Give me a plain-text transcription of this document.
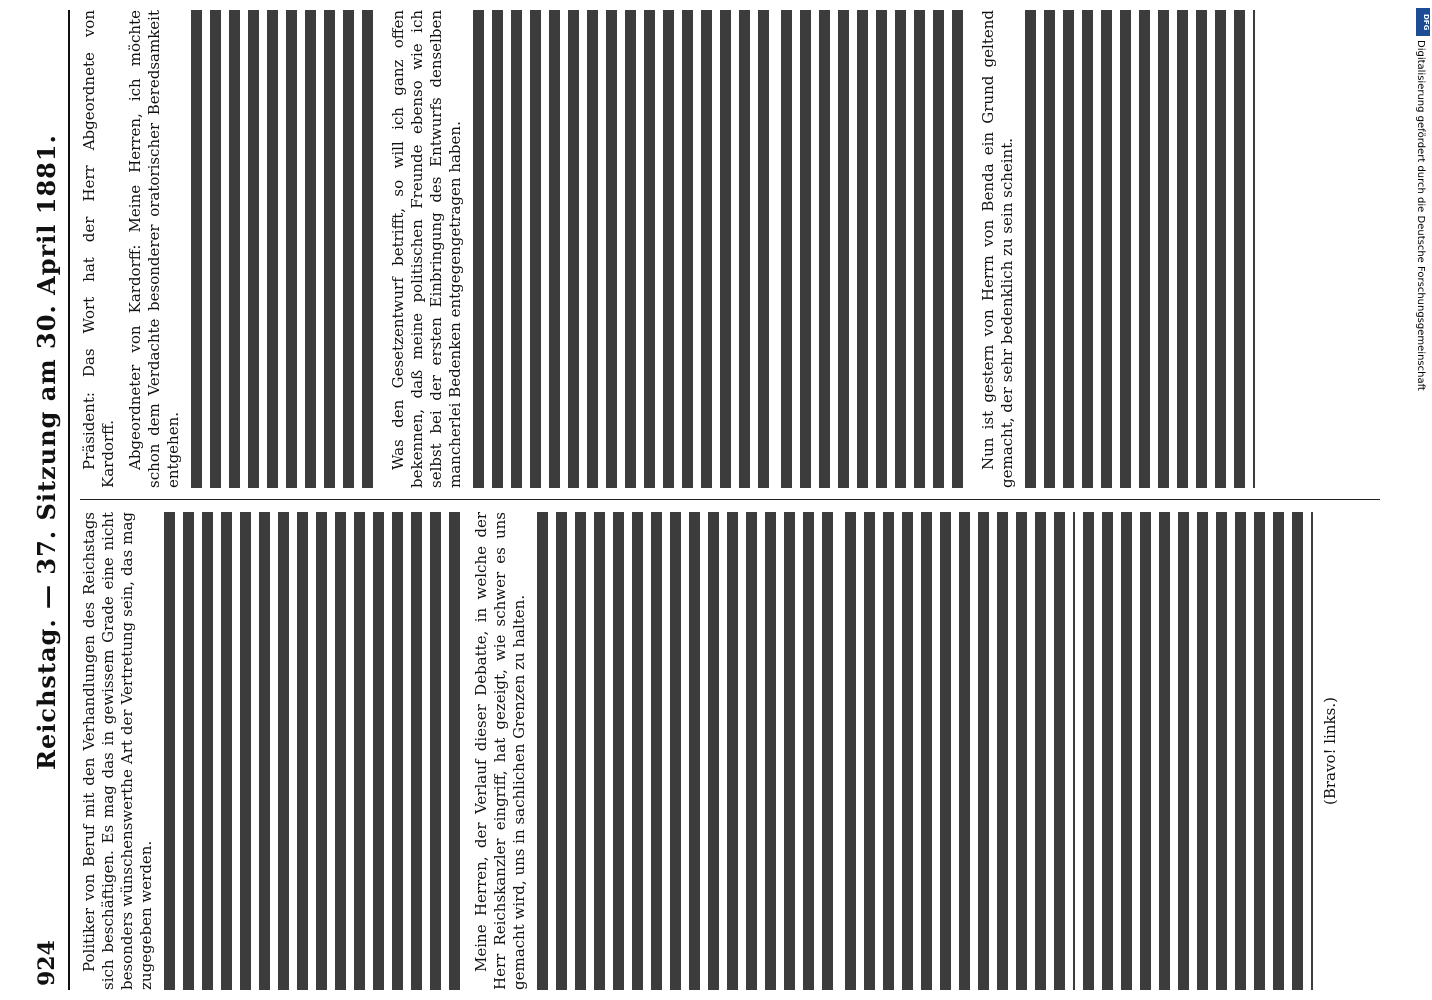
924
Reichstag. — 37. Sitzung am 30. April 1881. Politiker von Beruf mit den Verhandlungen des Reichstags sich beschäftigen. Es mag das in gewissem Grade eine nicht besonders wünschenswerthe Art der Vertretung sein, das mag zugegeben werden.	Meine Herren, der Verlauf dieser Debatte, in welche der Herr Reichskanzler eingriff, hat gezeigt, wie schwer es uns gemacht wird, uns in sachlichen Grenzen zu halten.	(Bravo! links.)

Präsident: Das Wort hat der Herr Abgeordnete von Kardorff. Abgeordneter von Kardorff: Meine Herren, ich möchte schon dem Verdachte besonderer oratorischer Beredsamkeit entgehen.	Was den Gesetzentwurf betrifft, so will ich ganz offen bekennen, daß meine politischen Freunde ebenso wie ich selbst bei der ersten Einbringung des Entwurfs denselben mancherlei Bedenken entgegengetragen haben.	Nun ist gestern von Herrn von Benda ein Grund geltend gemacht, der sehr bedenklich zu sein scheint.

DFG
Digitalisierung gefördert durch die Deutsche Forschungsgemeinschaft
